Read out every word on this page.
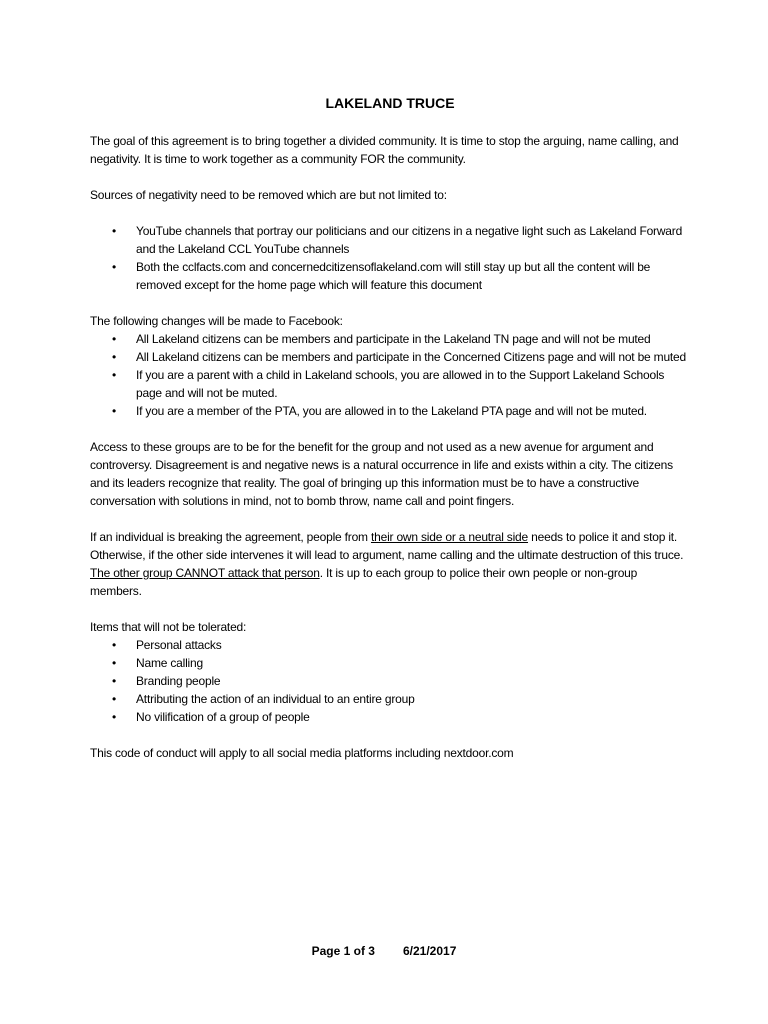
LAKELAND TRUCE

The goal of this agreement is to bring together a divided community. It is time to stop the arguing, name calling, and negativity. It is time to work together as a community FOR the community.

Sources of negativity need to be removed which are but not limited to:

• YouTube channels that portray our politicians and our citizens in a negative light such as Lakeland Forward and the Lakeland CCL YouTube channels
• Both the cclfacts.com and concernedcitizensoflakeland.com will still stay up but all the content will be removed except for the home page which will feature this document
The following changes will be made to Facebook:
• All Lakeland citizens can be members and participate in the Lakeland TN page and will not be muted
• All Lakeland citizens can be members and participate in the Concerned Citizens page and will not be muted
• If you are a parent with a child in Lakeland schools, you are allowed in to the Support Lakeland Schools page and will not be muted.
• If you are a member of the PTA, you are allowed in to the Lakeland PTA page and will not be muted.

Access to these groups are to be for the benefit for the group and not used as a new avenue for argument and controversy. Disagreement is and negative news is a natural occurrence in life and exists within a city. The citizens and its leaders recognize that reality. The goal of bringing up this information must be to have a constructive conversation with solutions in mind, not to bomb throw, name call and point fingers.

If an individual is breaking the agreement, people from their own side or a neutral side needs to police it and stop it. Otherwise, if the other side intervenes it will lead to argument, name calling and the ultimate destruction of this truce. The other group CANNOT attack that person. It is up to each group to police their own people or non-group members.

Items that will not be tolerated:
• Personal attacks
• Name calling
• Branding people
• Attributing the action of an individual to an entire group
• No vilification of a group of people

This code of conduct will apply to all social media platforms including nextdoor.com

Page 1 of 3 6/21/2017
